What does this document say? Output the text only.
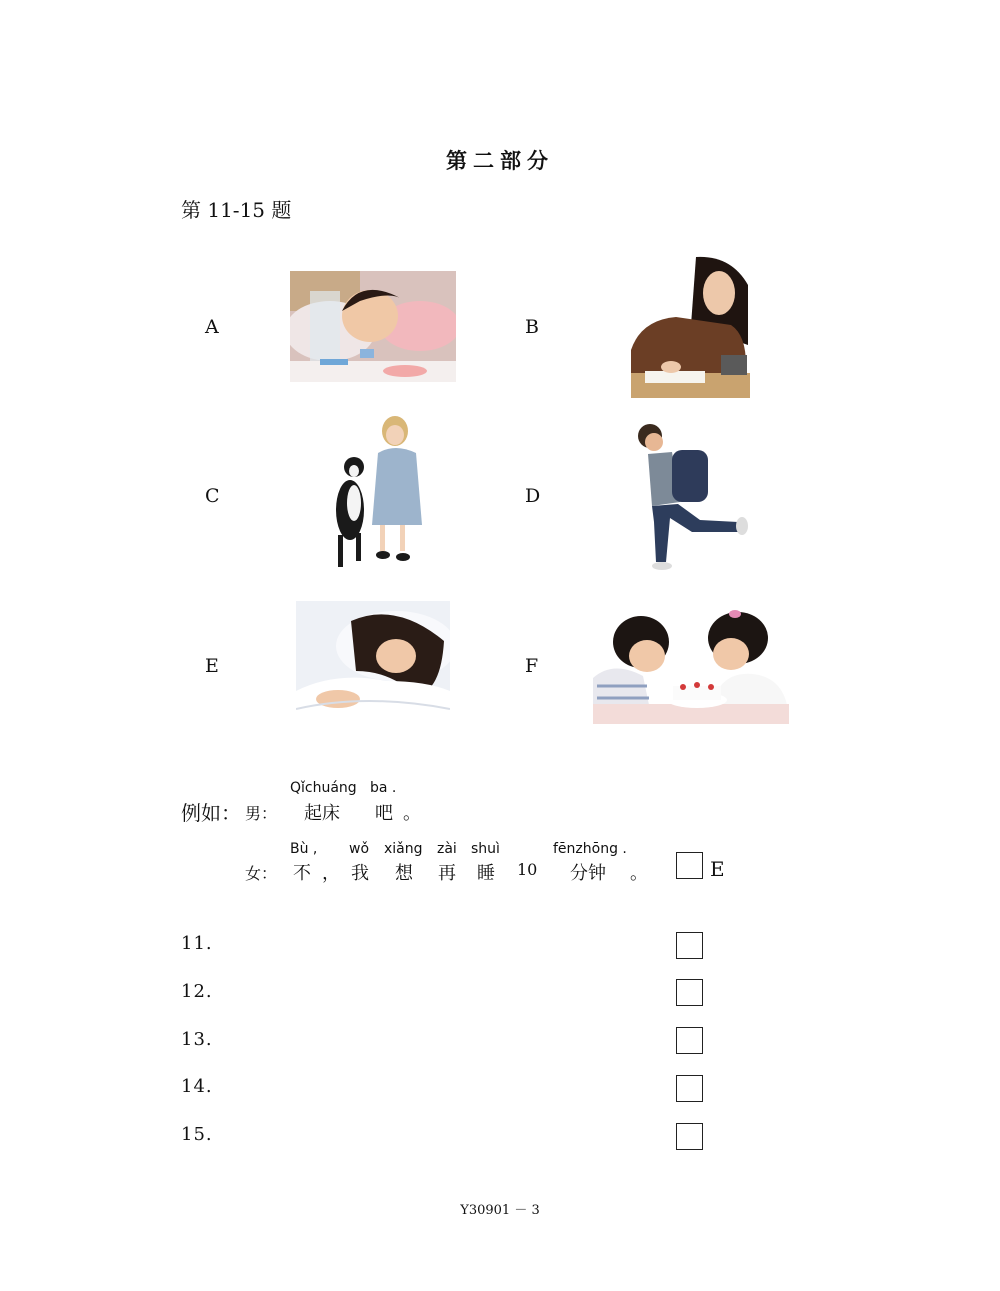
第二部分
第 11-15 题
A	B
C	D
E	F
例如： 男：
Qǐchuáng
起床
ba .
吧 。
女：
Bù ,
不 ，
wǒ
我
xiǎng
想
zài
再
shuì
睡 10
fēnzhōng .
分钟 。	E
11.
12.
13.
14.
15.
Y30901 － 3
